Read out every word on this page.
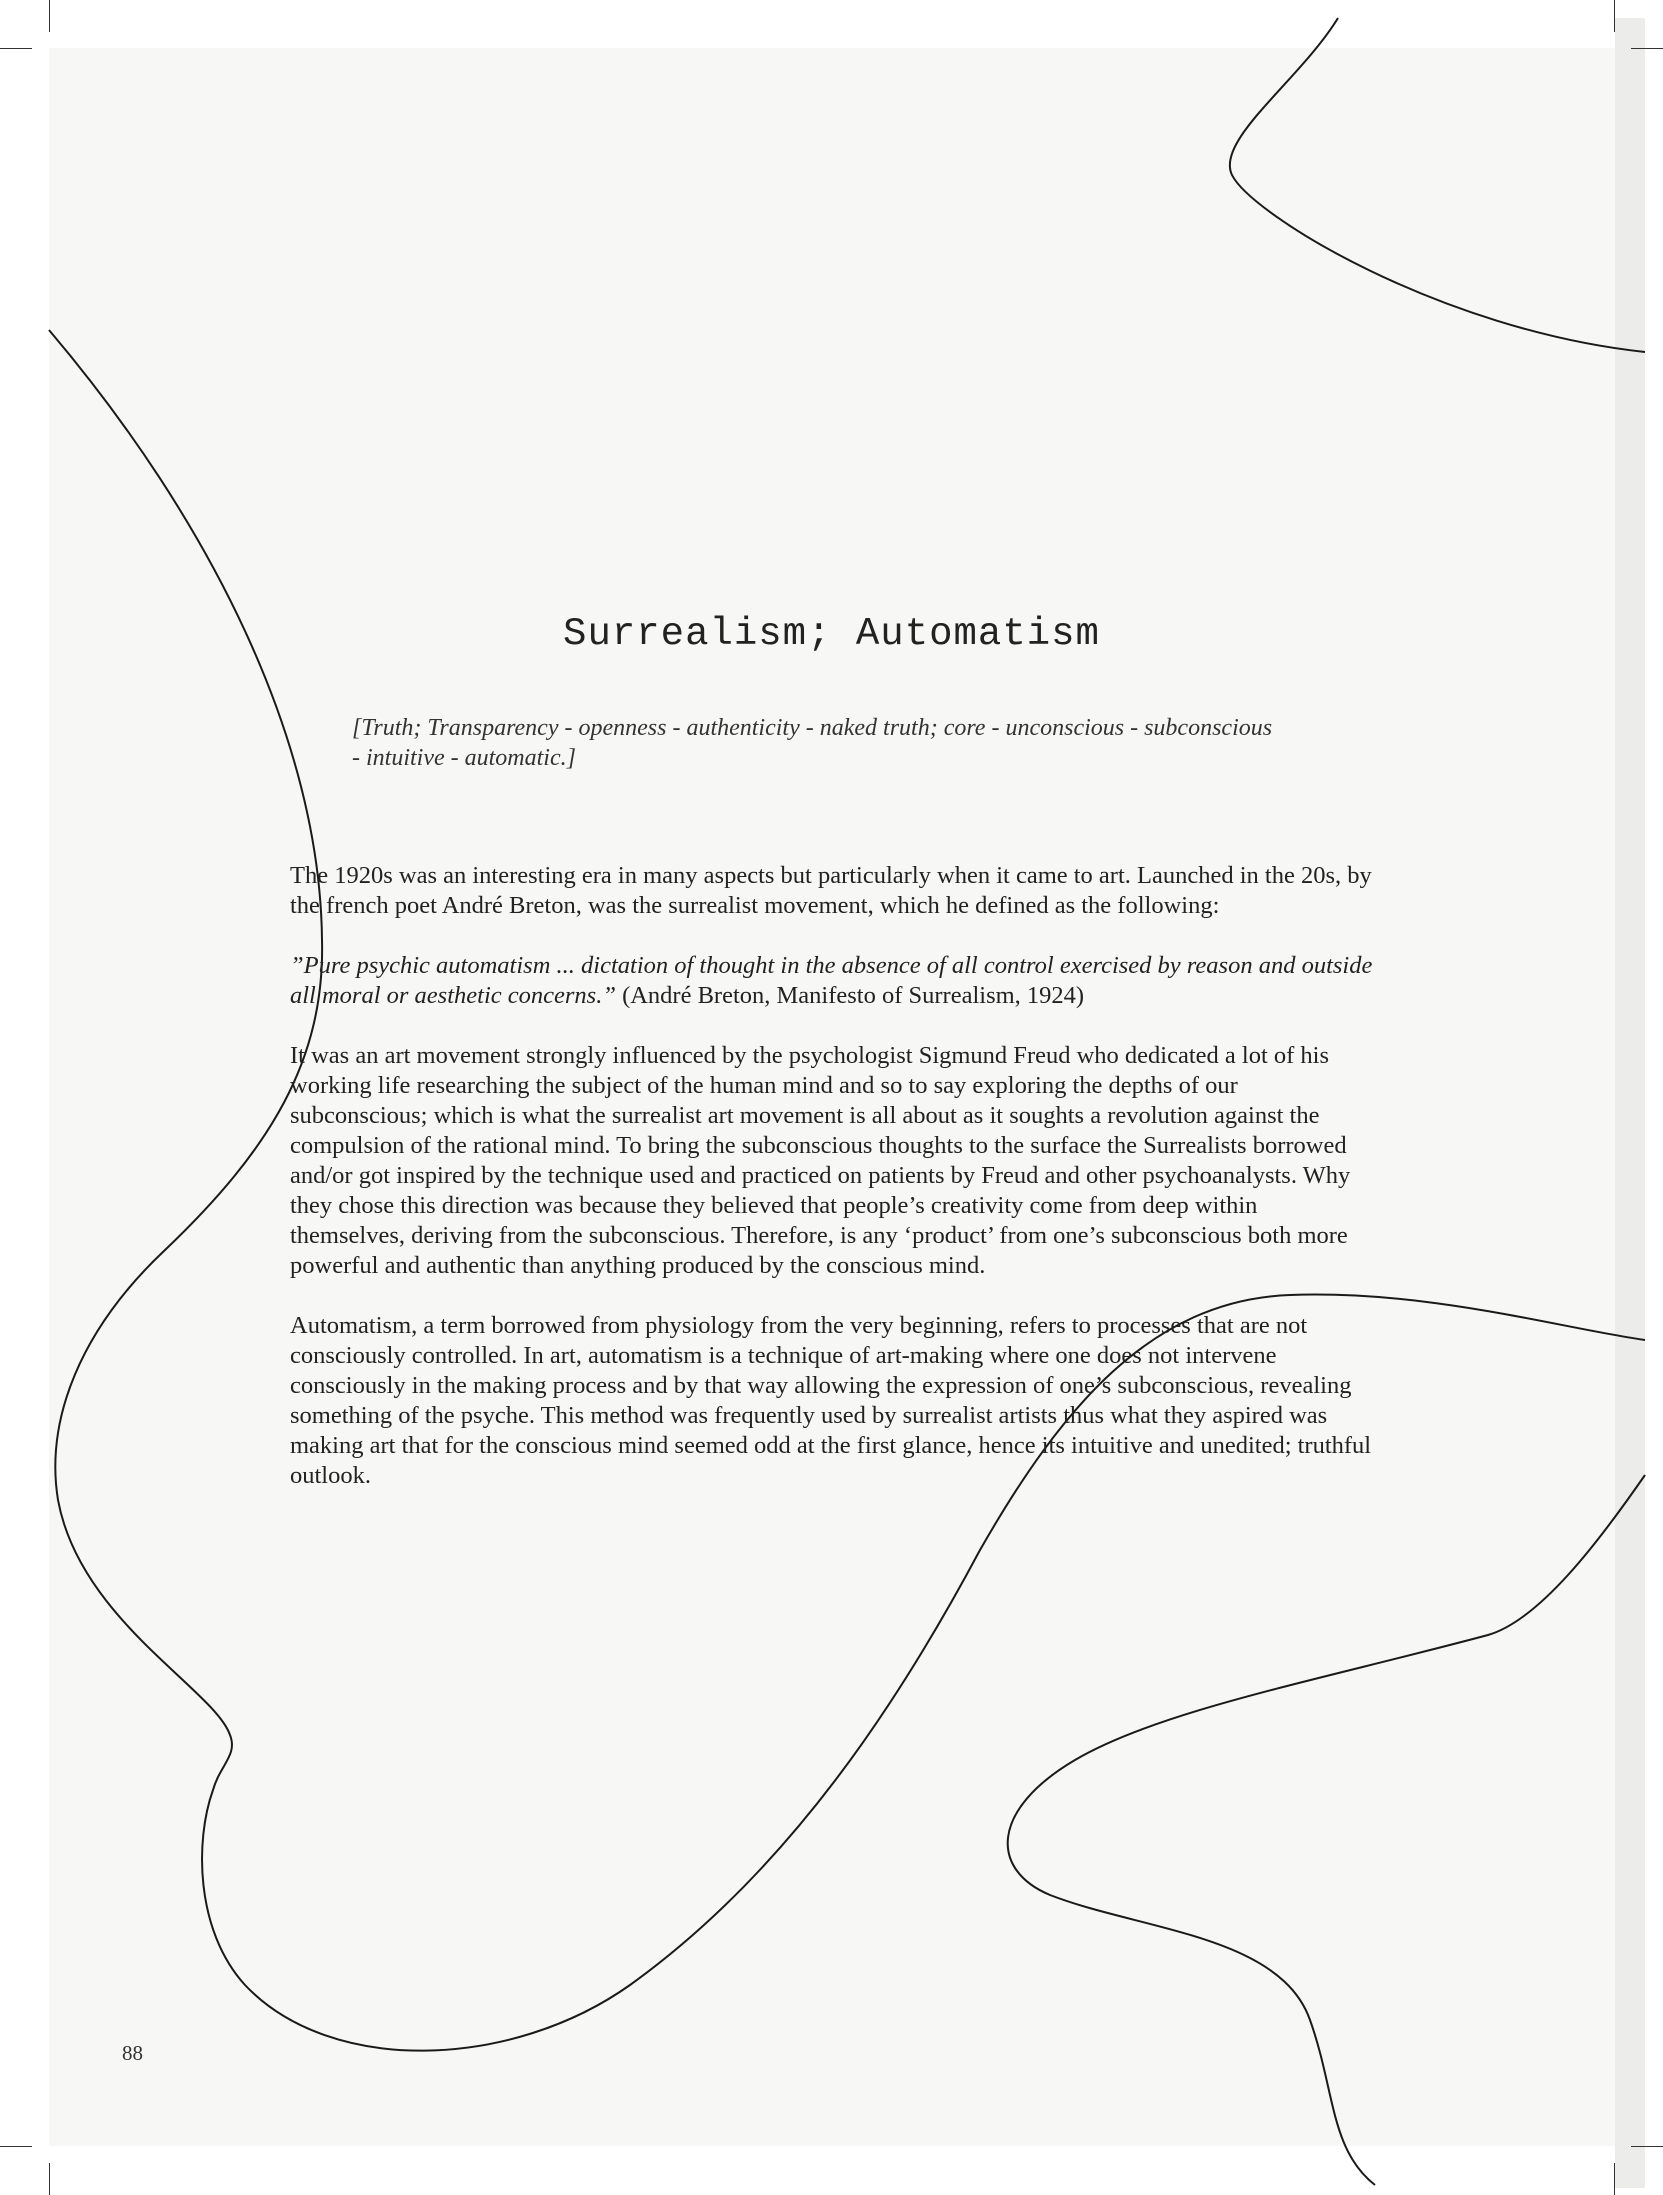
Surrealism; Automatism

[Truth; Transparency - openness - authenticity - naked truth; core - unconscious - subconscious - intuitive - automatic.]

The 1920s was an interesting era in many aspects but particularly when it came to art. Launched in the 20s, by the french poet André Breton, was the surrealist movement, which he defined as the following:

”Pure psychic automatism ... dictation of thought in the absence of all control exercised by reason and outside all moral or aesthetic concerns.” (André Breton, Manifesto of Surrealism, 1924)

It was an art movement strongly influenced by the psychologist Sigmund Freud who dedicated a lot of his working life researching the subject of the human mind and so to say exploring the depths of our subconscious; which is what the surrealist art movement is all about as it soughts a revolution against the compulsion of the rational mind. To bring the subconscious thoughts to the surface the Surrealists borrowed and/or got inspired by the technique used and practiced on patients by Freud and other psychoanalysts. Why they chose this direction was because they believed that people’s creativity come from deep within themselves, deriving from the subconscious. Therefore, is any ‘product’ from one’s subconscious both more powerful and authentic than anything produced by the conscious mind.

Automatism, a term borrowed from physiology from the very beginning, refers to processes that are not consciously controlled. In art, automatism is a technique of art-making where one does not intervene consciously in the making process and by that way allowing the expression of one’s subconscious, revealing something of the psyche. This method was frequently used by surrealist artists thus what they aspired was making art that for the conscious mind seemed odd at the first glance, hence its intuitive and unedited; truthful outlook.

88
